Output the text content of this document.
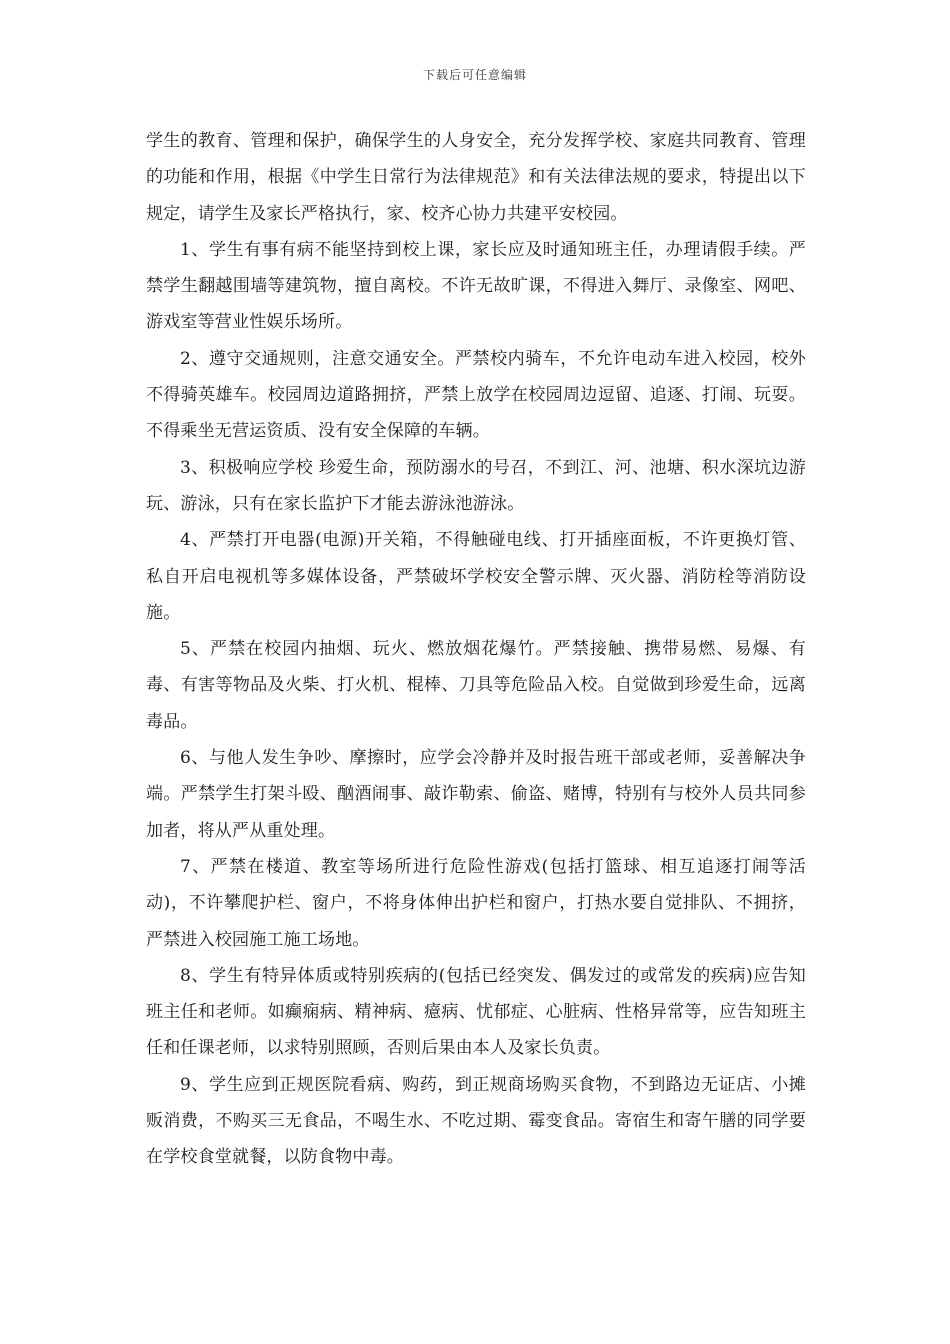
下载后可任意编辑

学生的教育、管理和保护，确保学生的人身安全，充分发挥学校、家庭共同教育、管理的功能和作用，根据《中学生日常行为法律规范》和有关法律法规的要求，特提出以下规定，请学生及家长严格执行，家、校齐心协力共建平安校园。

1、学生有事有病不能坚持到校上课，家长应及时通知班主任，办理请假手续。严禁学生翻越围墙等建筑物，擅自离校。不许无故旷课，不得进入舞厅、录像室、网吧、游戏室等营业性娱乐场所。

2、遵守交通规则，注意交通安全。严禁校内骑车，不允许电动车进入校园，校外不得骑英雄车。校园周边道路拥挤，严禁上放学在校园周边逗留、追逐、打闹、玩耍。不得乘坐无营运资质、没有安全保障的车辆。

3、积极响应学校 珍爱生命，预防溺水的号召，不到江、河、池塘、积水深坑边游玩、游泳，只有在家长监护下才能去游泳池游泳。

4、严禁打开电器(电源)开关箱，不得触碰电线、打开插座面板，不许更换灯管、私自开启电视机等多媒体设备，严禁破坏学校安全警示牌、灭火器、消防栓等消防设施。

5、严禁在校园内抽烟、玩火、燃放烟花爆竹。严禁接触、携带易燃、易爆、有毒、有害等物品及火柴、打火机、棍棒、刀具等危险品入校。自觉做到珍爱生命，远离毒品。

6、与他人发生争吵、摩擦时，应学会冷静并及时报告班干部或老师，妥善解决争端。严禁学生打架斗殴、酗酒闹事、敲诈勒索、偷盗、赌博，特别有与校外人员共同参加者，将从严从重处理。

7、严禁在楼道、教室等场所进行危险性游戏(包括打篮球、相互追逐打闹等活动)，不许攀爬护栏、窗户，不将身体伸出护栏和窗户，打热水要自觉排队、不拥挤，严禁进入校园施工施工场地。

8、学生有特异体质或特别疾病的(包括已经突发、偶发过的或常发的疾病)应告知班主任和老师。如癫痫病、精神病、癔病、忧郁症、心脏病、性格异常等，应告知班主任和任课老师，以求特别照顾，否则后果由本人及家长负责。

9、学生应到正规医院看病、购药，到正规商场购买食物，不到路边无证店、小摊贩消费，不购买三无食品，不喝生水、不吃过期、霉变食品。寄宿生和寄午膳的同学要在学校食堂就餐，以防食物中毒。
